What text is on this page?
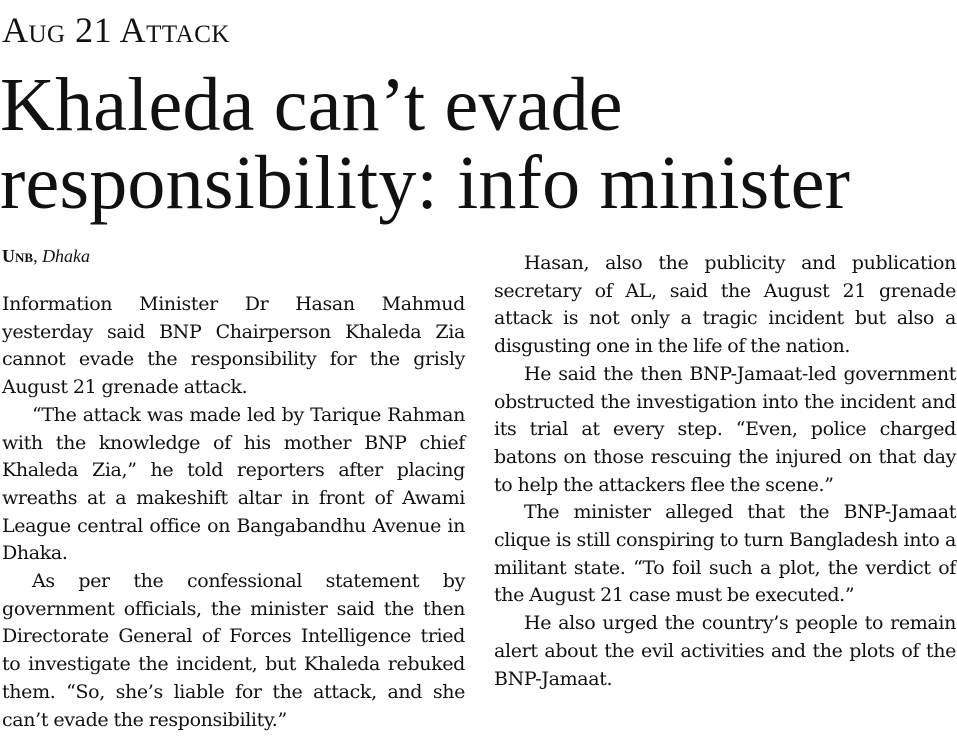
Aug 21 Attack
Khaleda can’t evade
responsibility: info minister
Unb, Dhaka

Information Minister Dr Hasan Mahmud yesterday said BNP Chairperson Khaleda Zia cannot evade the responsibility for the grisly August 21 grenade attack.

“The attack was made led by Tarique Rahman with the knowledge of his mother BNP chief Khaleda Zia,” he told reporters after placing wreaths at a makeshift altar in front of Awami League central office on Bangabandhu Avenue in Dhaka.

As per the confessional statement by government officials, the minister said the then Directorate General of Forces Intelligence tried to investigate the incident, but Khaleda rebuked them. “So, she’s liable for the attack, and she can’t evade the responsibility.”

Hasan, also the publicity and publication secretary of AL, said the August 21 grenade attack is not only a tragic incident but also a disgusting one in the life of the nation.

He said the then BNP-Jamaat-led government obstructed the investigation into the incident and its trial at every step. “Even, police charged batons on those rescuing the injured on that day to help the attackers flee the scene.”

The minister alleged that the BNP-Jamaat clique is still conspiring to turn Bangladesh into a militant state. “To foil such a plot, the verdict of the August 21 case must be executed.”

He also urged the country’s people to remain alert about the evil activities and the plots of the BNP-Jamaat.
